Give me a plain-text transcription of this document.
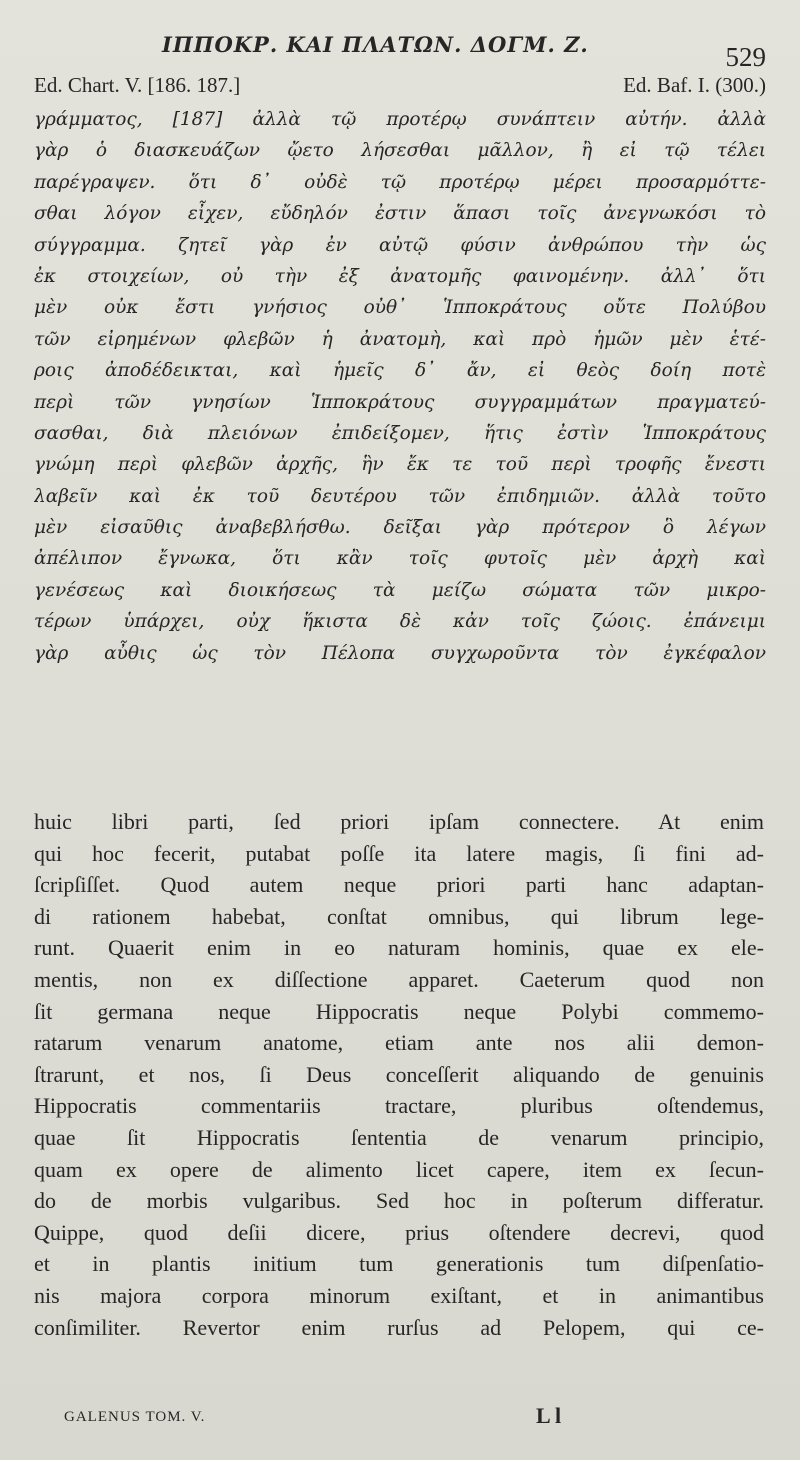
ΙΠΠΟΚΡ. ΚΑΙ ΠΛΑΤΩΝ. ΔΟΓΜ. Ζ.	529
Ed. Chart. V. [186. 187.]	Ed. Baf. I. (300.)
γράμματος, [187] ἀλλὰ τῷ προτέρῳ συνάπτειν αὐτήν. ἀλλὰ
γὰρ ὁ διασκευάζων ᾤετο λήσεσθαι μᾶλλον, ἢ εἰ τῷ τέλει
παρέγραψεν. ὅτι δ᾽ οὐδὲ τῷ προτέρῳ μέρει προσαρμόττε-
σθαι λόγον εἶχεν, εὔδηλόν ἐστιν ἅπασι τοῖς ἀνεγνωκόσι τὸ
σύγγραμμα. ζητεῖ γὰρ ἐν αὐτῷ φύσιν ἀνθρώπου τὴν ὡς
ἐκ στοιχείων, οὐ τὴν ἐξ ἀνατομῆς φαινομένην. ἀλλ᾽ ὅτι
μὲν οὐκ ἔστι γνήσιος οὐθ᾽ Ἱπποκράτους οὔτε Πολύβου
τῶν εἰρημένων φλεβῶν ἡ ἀνατομὴ, καὶ πρὸ ἡμῶν μὲν ἑτέ-
ροις ἀποδέδεικται, καὶ ἡμεῖς δ᾽ ἄν, εἰ θεὸς δοίη ποτὲ
περὶ τῶν γνησίων Ἱπποκράτους συγγραμμάτων πραγματεύ-
σασθαι, διὰ πλειόνων ἐπιδείξομεν, ἥτις ἐστὶν Ἱπποκράτους
γνώμη περὶ φλεβῶν ἀρχῆς, ἣν ἔκ τε τοῦ περὶ τροφῆς ἔνεστι
λαβεῖν καὶ ἐκ τοῦ δευτέρου τῶν ἐπιδημιῶν. ἀλλὰ τοῦτο
μὲν εἰσαῦθις ἀναβεβλήσθω. δεῖξαι γὰρ πρότερον ὃ λέγων
ἀπέλιπον ἔγνωκα, ὅτι κἂν τοῖς φυτοῖς μὲν ἀρχὴ καὶ
γενέσεως καὶ διοικήσεως τὰ μείζω σώματα τῶν μικρο-
τέρων ὑπάρχει, οὐχ ἥκιστα δὲ κἀν τοῖς ζώοις. ἐπάνειμι
γὰρ αὖθις ὡς τὸν Πέλοπα συγχωροῦντα τὸν ἐγκέφαλον
huic libri parti, ſed priori ipſam connectere. At enim
qui hoc fecerit, putabat poſſe ita latere magis, ſi fini ad-
ſcripſiſſet. Quod autem neque priori parti hanc adaptan-
di rationem habebat, conſtat omnibus, qui librum lege-
runt. Quaerit enim in eo naturam hominis, quae ex ele-
mentis, non ex diſſectione apparet. Caeterum quod non
ſit germana neque Hippocratis neque Polybi commemo-
ratarum venarum anatome, etiam ante nos alii demon-
ſtrarunt, et nos, ſi Deus conceſſerit aliquando de genuinis
Hippocratis commentariis tractare, pluribus oſtendemus,
quae ſit Hippocratis ſententia de venarum principio,
quam ex opere de alimento licet capere, item ex ſecun-
do de morbis vulgaribus. Sed hoc in poſterum differatur.
Quippe, quod deſii dicere, prius oſtendere decrevi, quod
et in plantis initium tum generationis tum diſpenſatio-
nis majora corpora minorum exiſtant, et in animantibus
conſimiliter. Revertor enim rurſus ad Pelopem, qui ce-
GALENUS TOM. V.	L l
